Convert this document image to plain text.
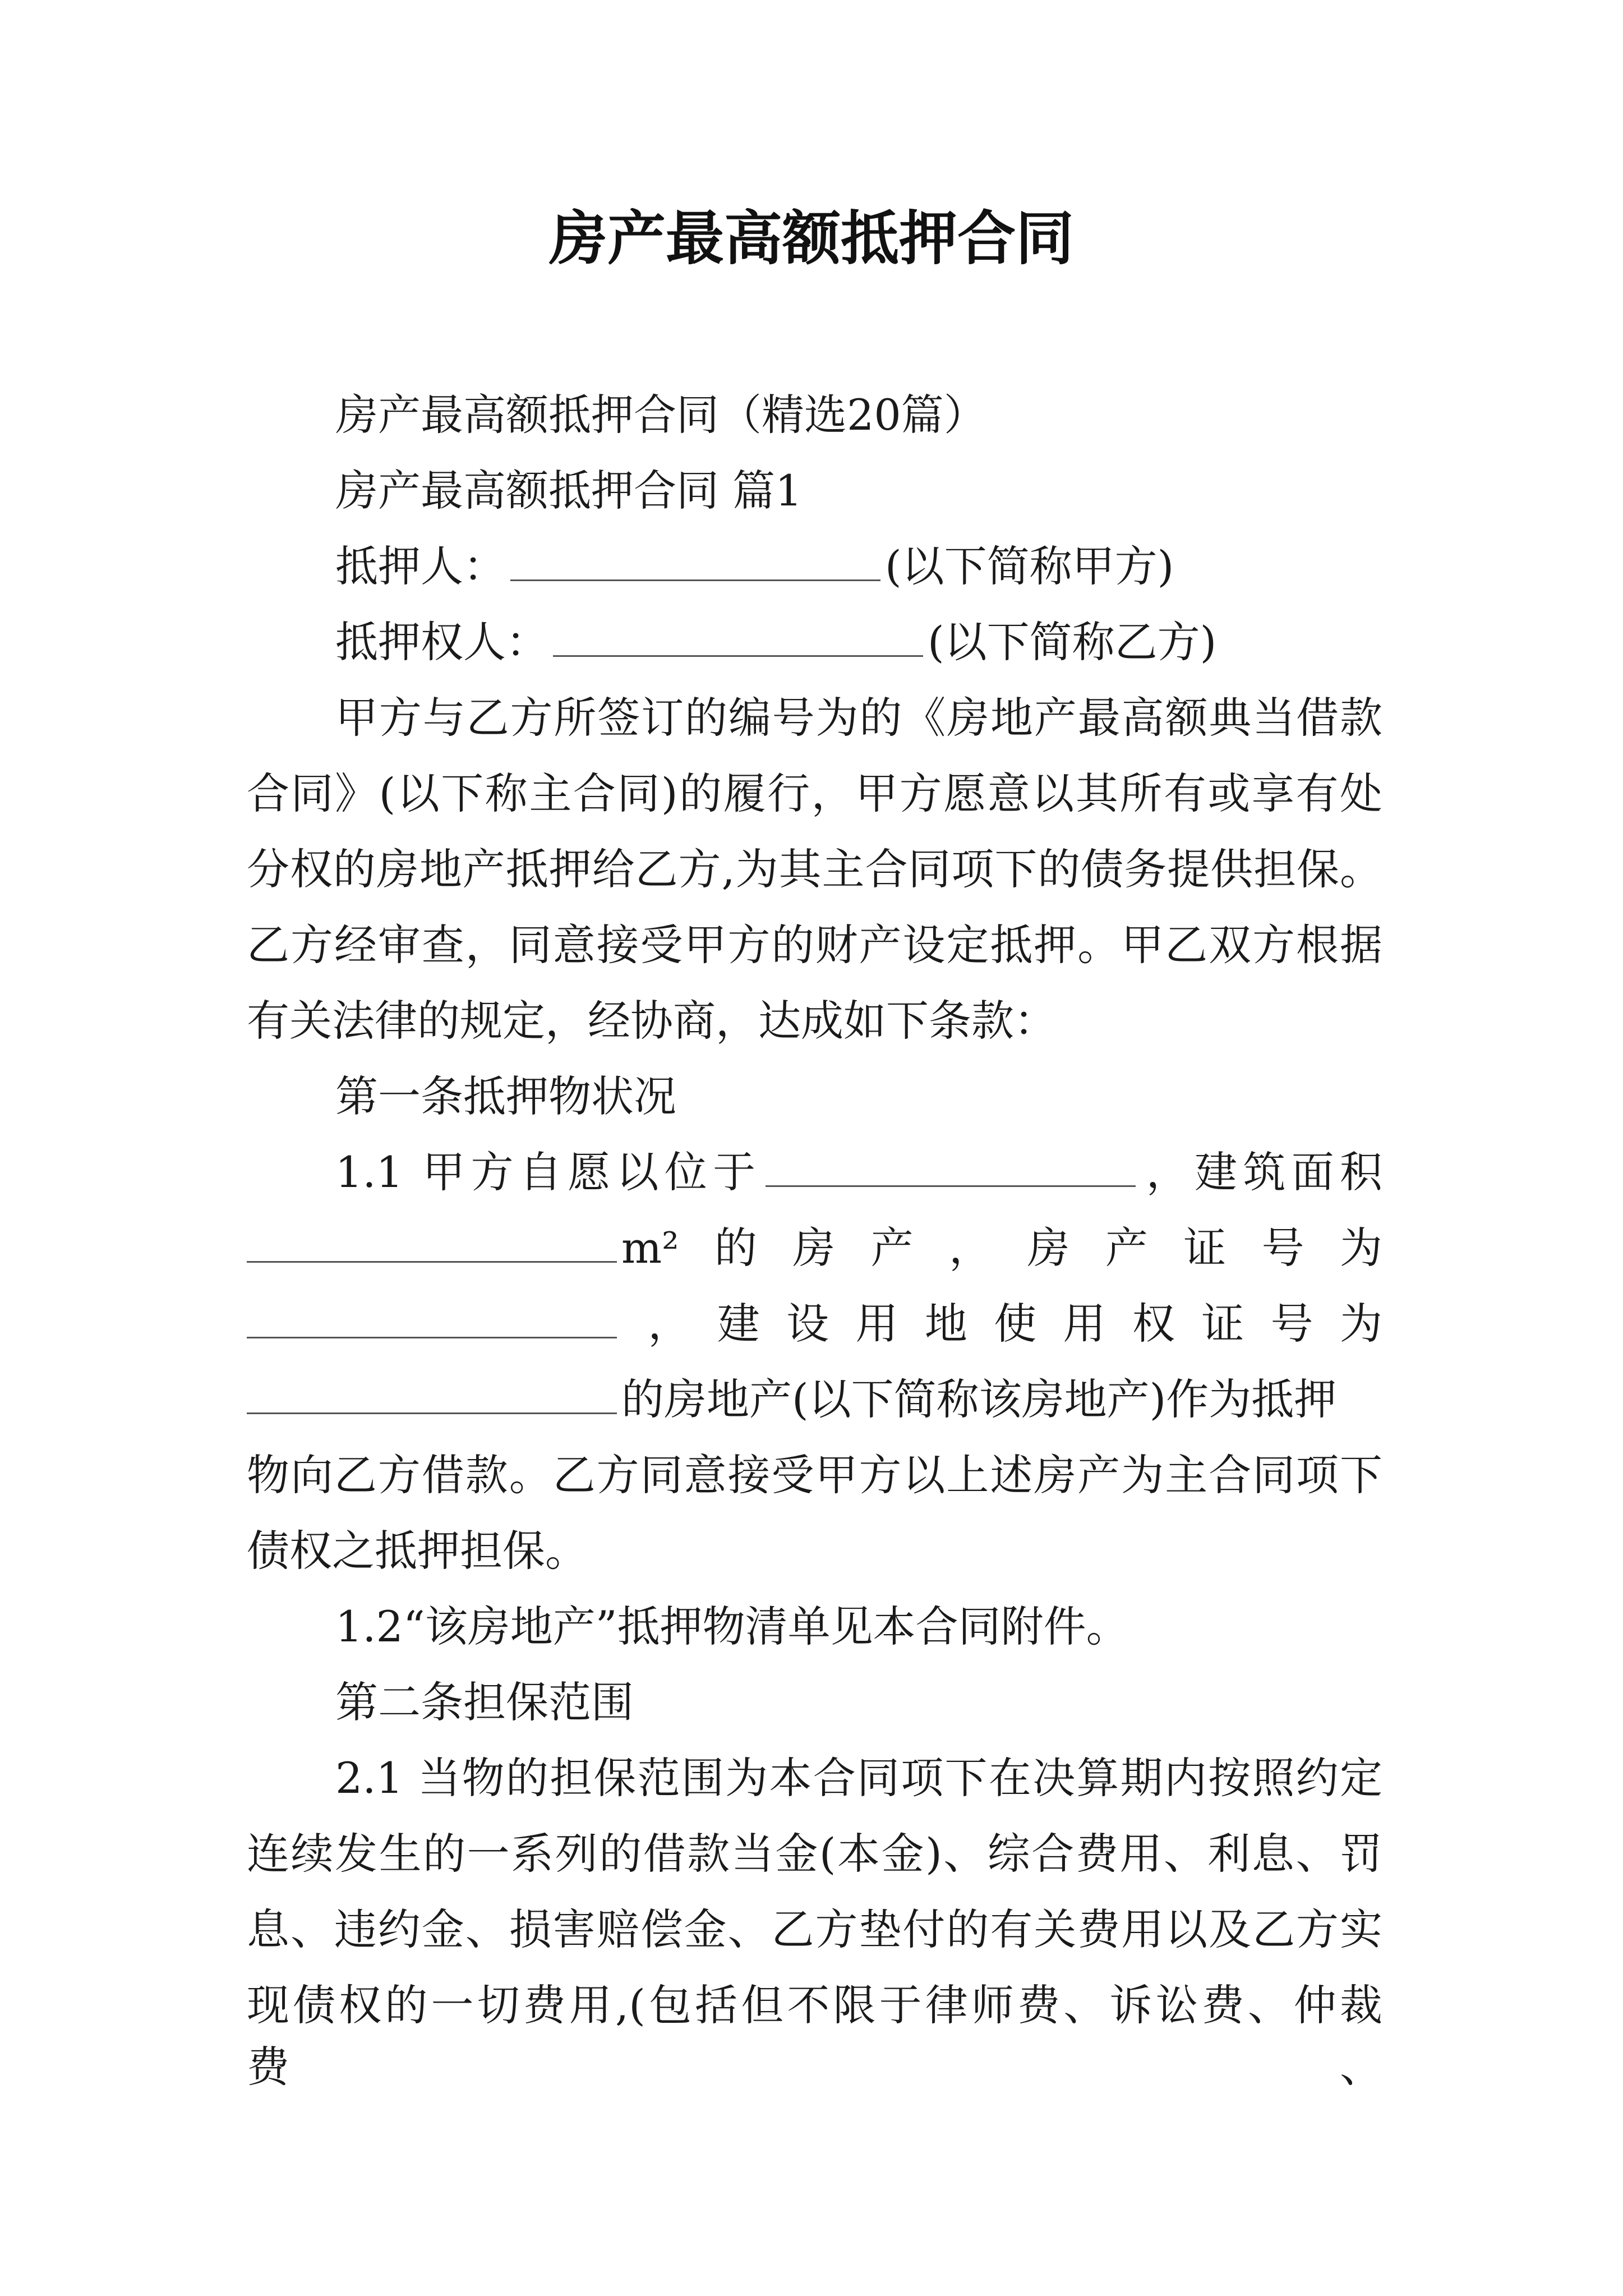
房产最高额抵押合同
房产最高额抵押合同（精选20篇）
房产最高额抵押合同 篇1
抵押人：	(以下简称甲方)
抵押权人：	(以下简称乙方)
甲方与乙方所签订的编号为的《房地产最高额典当借款
合同》(以下称主合同)的履行，甲方愿意以其所有或享有处
分权的房地产抵押给乙方,为其主合同项下的债务提供担保。
乙方经审查，同意接受甲方的财产设定抵押。甲乙双方根据
有关法律的规定，经协商，达成如下条款：
第一条抵押物状况
1.1 甲方自愿以位于	，建筑面积
m²的房产，房产证号为
，建设用地使用权证号为
的房地产(以下简称该房地产)作为抵押
物向乙方借款。乙方同意接受甲方以上述房产为主合同项下
债权之抵押担保。
1.2“该房地产”抵押物清单见本合同附件。
第二条担保范围
2.1 当物的担保范围为本合同项下在决算期内按照约定
连续发生的一系列的借款当金(本金)、综合费用、利息、罚
息、违约金、损害赔偿金、乙方垫付的有关费用以及乙方实
现债权的一切费用,(包括但不限于律师费、诉讼费、仲裁费、
